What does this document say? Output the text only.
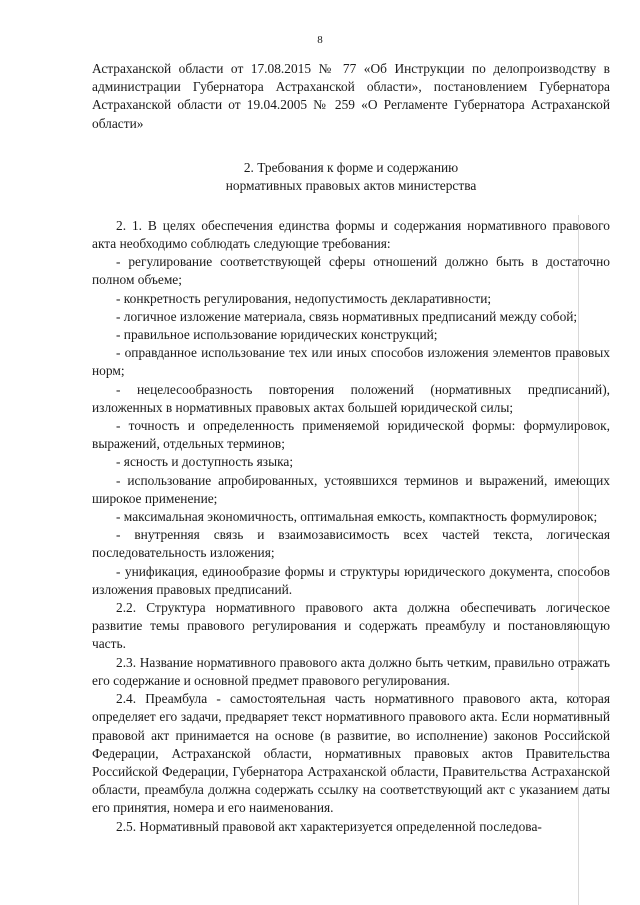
8

Астраханской области от 17.08.2015 № 77 «Об Инструкции по делопроизводству в администрации Губернатора Астраханской области», постановлением Губернатора Астраханской области от 19.04.2005 № 259 «О Регламенте Губернатора Астраханской области»

2. Требования к форме и содержанию
нормативных правовых актов министерства

2. 1. В целях обеспечения единства формы и содержания нормативного правового акта необходимо соблюдать следующие требования:

- регулирование соответствующей сферы отношений должно быть в достаточно полном объеме;

- конкретность регулирования, недопустимость декларативности;

- логичное изложение материала, связь нормативных предписаний между собой;

- правильное использование юридических конструкций;

- оправданное использование тех или иных способов изложения элементов правовых норм;

- нецелесообразность повторения положений (нормативных предписаний), изложенных в нормативных правовых актах большей юридической силы;

- точность и определенность применяемой юридической формы: формулировок, выражений, отдельных терминов;

- ясность и доступность языка;

- использование апробированных, устоявшихся терминов и выражений, имеющих широкое применение;

- максимальная экономичность, оптимальная емкость, компактность формулировок;

- внутренняя связь и взаимозависимость всех частей текста, логическая последовательность изложения;

- унификация, единообразие формы и структуры юридического документа, способов изложения правовых предписаний.

2.2. Структура нормативного правового акта должна обеспечивать логическое развитие темы правового регулирования и содержать преамбулу и постановляющую часть.

2.3. Название нормативного правового акта должно быть четким, правильно отражать его содержание и основной предмет правового регулирования.

2.4. Преамбула - самостоятельная часть нормативного правового акта, которая определяет его задачи, предваряет текст нормативного правового акта. Если нормативный правовой акт принимается на основе (в развитие, во исполнение) законов Российской Федерации, Астраханской области, нормативных правовых актов Правительства Российской Федерации, Губернатора Астраханской области, Правительства Астраханской области, преамбула должна содержать ссылку на соответствующий акт с указанием даты его принятия, номера и его наименования.

2.5. Нормативный правовой акт характеризуется определенной последова-
